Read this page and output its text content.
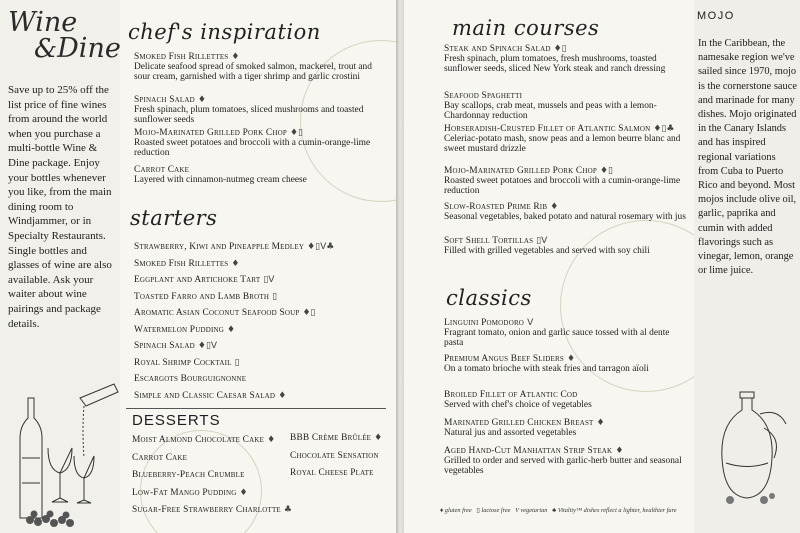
Wine
&Dine
Save up to 25% off the list price of fine wines from around the world when you purchase a multi-bottle Wine & Dine package. Enjoy your bottles whenever you like, from the main dining room to Windjammer, or in Specialty Restaurants. Single bottles and glasses of wine are also available. Ask your waiter about wine pairings and package details.
chef's inspiration
Smoked Fish Rillettes ♦
Delicate seafood spread of smoked salmon, mackerel, trout and sour cream, garnished with a tiger shrimp and garlic crostini
Spinach Salad ♦
Fresh spinach, plum tomatoes, sliced mushrooms and toasted sunflower seeds
Mojo-Marinated Grilled Pork Chop ♦▯
Roasted sweet potatoes and broccoli with a cumin-orange-lime reduction
Carrot Cake
Layered with cinnamon-nutmeg cream cheese
starters
Strawberry, Kiwi and Pineapple Medley ♦▯V♣
Smoked Fish Rillettes ♦
Eggplant and Artichoke Tart ▯V
Toasted Farro and Lamb Broth ▯
Aromatic Asian Coconut Seafood Soup ♦▯
Watermelon Pudding ♦
Spinach Salad ♦▯V
Royal Shrimp Cocktail ▯
Escargots Bourguignonne
Simple and Classic Caesar Salad ♦
DESSERTS
Moist Almond Chocolate Cake ♦
Carrot Cake
Blueberry-Peach Crumble
Low-Fat Mango Pudding ♦
Sugar-Free Strawberry Charlotte ♣
BBB Crème Brûlée ♦
Chocolate Sensation
Royal Cheese Plate
main courses
Steak and Spinach Salad ♦▯
Fresh spinach, plum tomatoes, fresh mushrooms, toasted sunflower seeds, sliced New York steak and ranch dressing
Seafood Spaghetti
Bay scallops, crab meat, mussels and peas with a lemon-Chardonnay reduction
Horseradish-Crusted Fillet of Atlantic Salmon ♦▯♣
Celeriac-potato mash, snow peas and a lemon beurre blanc and sweet mustard drizzle
Mojo-Marinated Grilled Pork Chop ♦▯
Roasted sweet potatoes and broccoli with a cumin-orange-lime reduction
Slow-Roasted Prime Rib ♦
Seasonal vegetables, baked potato and natural rosemary with jus
Soft Shell Tortillas ▯V
Filled with grilled vegetables and served with soy chili
classics
Linguini Pomodoro V
Fragrant tomato, onion and garlic sauce tossed with al dente pasta
Premium Angus Beef Sliders ♦
On a tomato brioche with steak fries and tarragon aïoli
Broiled Fillet of Atlantic Cod
Served with chef's choice of vegetables
Marinated Grilled Chicken Breast ♦
Natural jus and assorted vegetables
Aged Hand-Cut Manhattan Strip Steak ♦
Grilled to order and served with garlic-herb butter and seasonal vegetables
MOJO
In the Caribbean, the namesake region we've sailed since 1970, mojo is the cornerstone sauce and marinade for many dishes. Mojo originated in the Canary Islands and has inspired regional variations from Cuba to Puerto Rico and beyond. Most mojos include olive oil, garlic, paprika and cumin with added flavorings such as vinegar, lemon, orange or lime juice.
♦ gluten free ▯ lactose free V vegetarian ♣ Vitality™ dishes reflect a lighter, healthier fare
